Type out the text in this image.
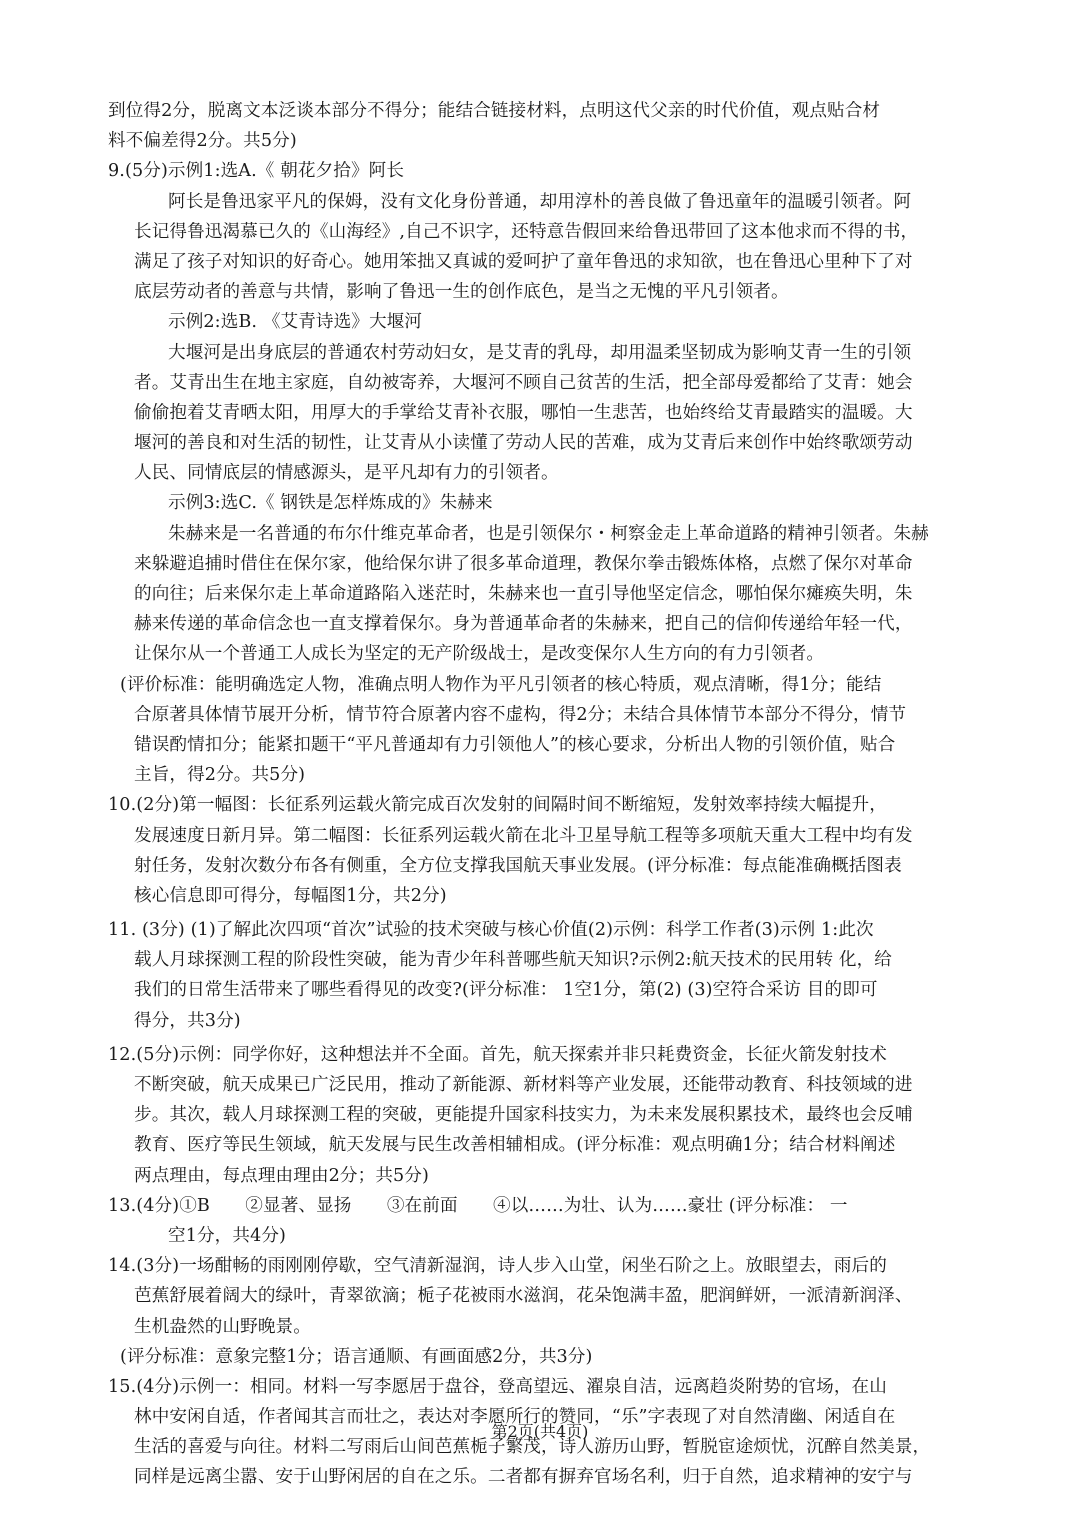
到位得2分，脱离文本泛谈本部分不得分；能结合链接材料，点明这代父亲的时代价值，观点贴合材
料不偏差得2分。共5分)
9.(5分)示例1:选A.《 朝花夕拾》阿长
阿长是鲁迅家平凡的保姆，没有文化身份普通，却用淳朴的善良做了鲁迅童年的温暖引领者。阿
长记得鲁迅渴慕已久的《山海经》,自己不识字，还特意告假回来给鲁迅带回了这本他求而不得的书，
满足了孩子对知识的好奇心。她用笨拙又真诚的爱呵护了童年鲁迅的求知欲，也在鲁迅心里种下了对
底层劳动者的善意与共情，影响了鲁迅一生的创作底色，是当之无愧的平凡引领者。
示例2:选B. 《艾青诗选》大堰河
大堰河是出身底层的普通农村劳动妇女，是艾青的乳母，却用温柔坚韧成为影响艾青一生的引领
者。艾青出生在地主家庭，自幼被寄养，大堰河不顾自己贫苦的生活，把全部母爱都给了艾青：她会
偷偷抱着艾青晒太阳，用厚大的手掌给艾青补衣服，哪怕一生悲苦，也始终给艾青最踏实的温暖。大
堰河的善良和对生活的韧性，让艾青从小读懂了劳动人民的苦难，成为艾青后来创作中始终歌颂劳动
人民、同情底层的情感源头，是平凡却有力的引领者。
示例3:选C.《 钢铁是怎样炼成的》朱赫来
朱赫来是一名普通的布尔什维克革命者，也是引领保尔・柯察金走上革命道路的精神引领者。朱赫
来躲避追捕时借住在保尔家，他给保尔讲了很多革命道理，教保尔拳击锻炼体格，点燃了保尔对革命
的向往；后来保尔走上革命道路陷入迷茫时，朱赫来也一直引导他坚定信念，哪怕保尔瘫痪失明，朱
赫来传递的革命信念也一直支撑着保尔。身为普通革命者的朱赫来，把自己的信仰传递给年轻一代，
让保尔从一个普通工人成长为坚定的无产阶级战士，是改变保尔人生方向的有力引领者。
(评价标准：能明确选定人物，准确点明人物作为平凡引领者的核心特质，观点清晰，得1分；能结
合原著具体情节展开分析，情节符合原著内容不虚构，得2分；未结合具体情节本部分不得分，情节
错误酌情扣分；能紧扣题干“平凡普通却有力引领他人”的核心要求，分析出人物的引领价值，贴合
主旨，得2分。共5分)
10.(2分)第一幅图：长征系列运载火箭完成百次发射的间隔时间不断缩短，发射效率持续大幅提升，
发展速度日新月异。第二幅图：长征系列运载火箭在北斗卫星导航工程等多项航天重大工程中均有发
射任务，发射次数分布各有侧重，全方位支撑我国航天事业发展。(评分标准：每点能准确概括图表
核心信息即可得分，每幅图1分，共2分)
11. (3分) (1)了解此次四项“首次”试验的技术突破与核心价值(2)示例：科学工作者(3)示例 1:此次
载人月球探测工程的阶段性突破，能为青少年科普哪些航天知识?示例2:航天技术的民用转 化，给
我们的日常生活带来了哪些看得见的改变?(评分标准： 1空1分，第(2) (3)空符合采访 目的即可
得分，共3分)
12.(5分)示例：同学你好，这种想法并不全面。首先，航天探索并非只耗费资金，长征火箭发射技术
不断突破，航天成果已广泛民用，推动了新能源、新材料等产业发展，还能带动教育、科技领域的进
步。其次，载人月球探测工程的突破，更能提升国家科技实力，为未来发展积累技术，最终也会反哺
教育、医疗等民生领域，航天发展与民生改善相辅相成。(评分标准：观点明确1分；结合材料阐述
两点理由，每点理由理由2分；共5分)
13.(4分)①B　　②显著、显扬　　③在前面　　④以……为壮、认为……豪壮 (评分标准： 一
空1分，共4分)
14.(3分)一场酣畅的雨刚刚停歇，空气清新湿润，诗人步入山堂，闲坐石阶之上。放眼望去，雨后的
芭蕉舒展着阔大的绿叶，青翠欲滴；栀子花被雨水滋润，花朵饱满丰盈，肥润鲜妍，一派清新润泽、
生机盎然的山野晚景。
(评分标准：意象完整1分；语言通顺、有画面感2分，共3分)
15.(4分)示例一：相同。材料一写李愿居于盘谷，登高望远、濯泉自洁，远离趋炎附势的官场，在山
林中安闲自适，作者闻其言而壮之，表达对李愿所行的赞同，“乐”字表现了对自然清幽、闲适自在
生活的喜爱与向往。材料二写雨后山间芭蕉栀子繁茂，诗人游历山野，暂脱宦途烦忧，沉醉自然美景，
同样是远离尘嚣、安于山野闲居的自在之乐。二者都有摒弃官场名利，归于自然，追求精神的安宁与
第2页(共4页)
